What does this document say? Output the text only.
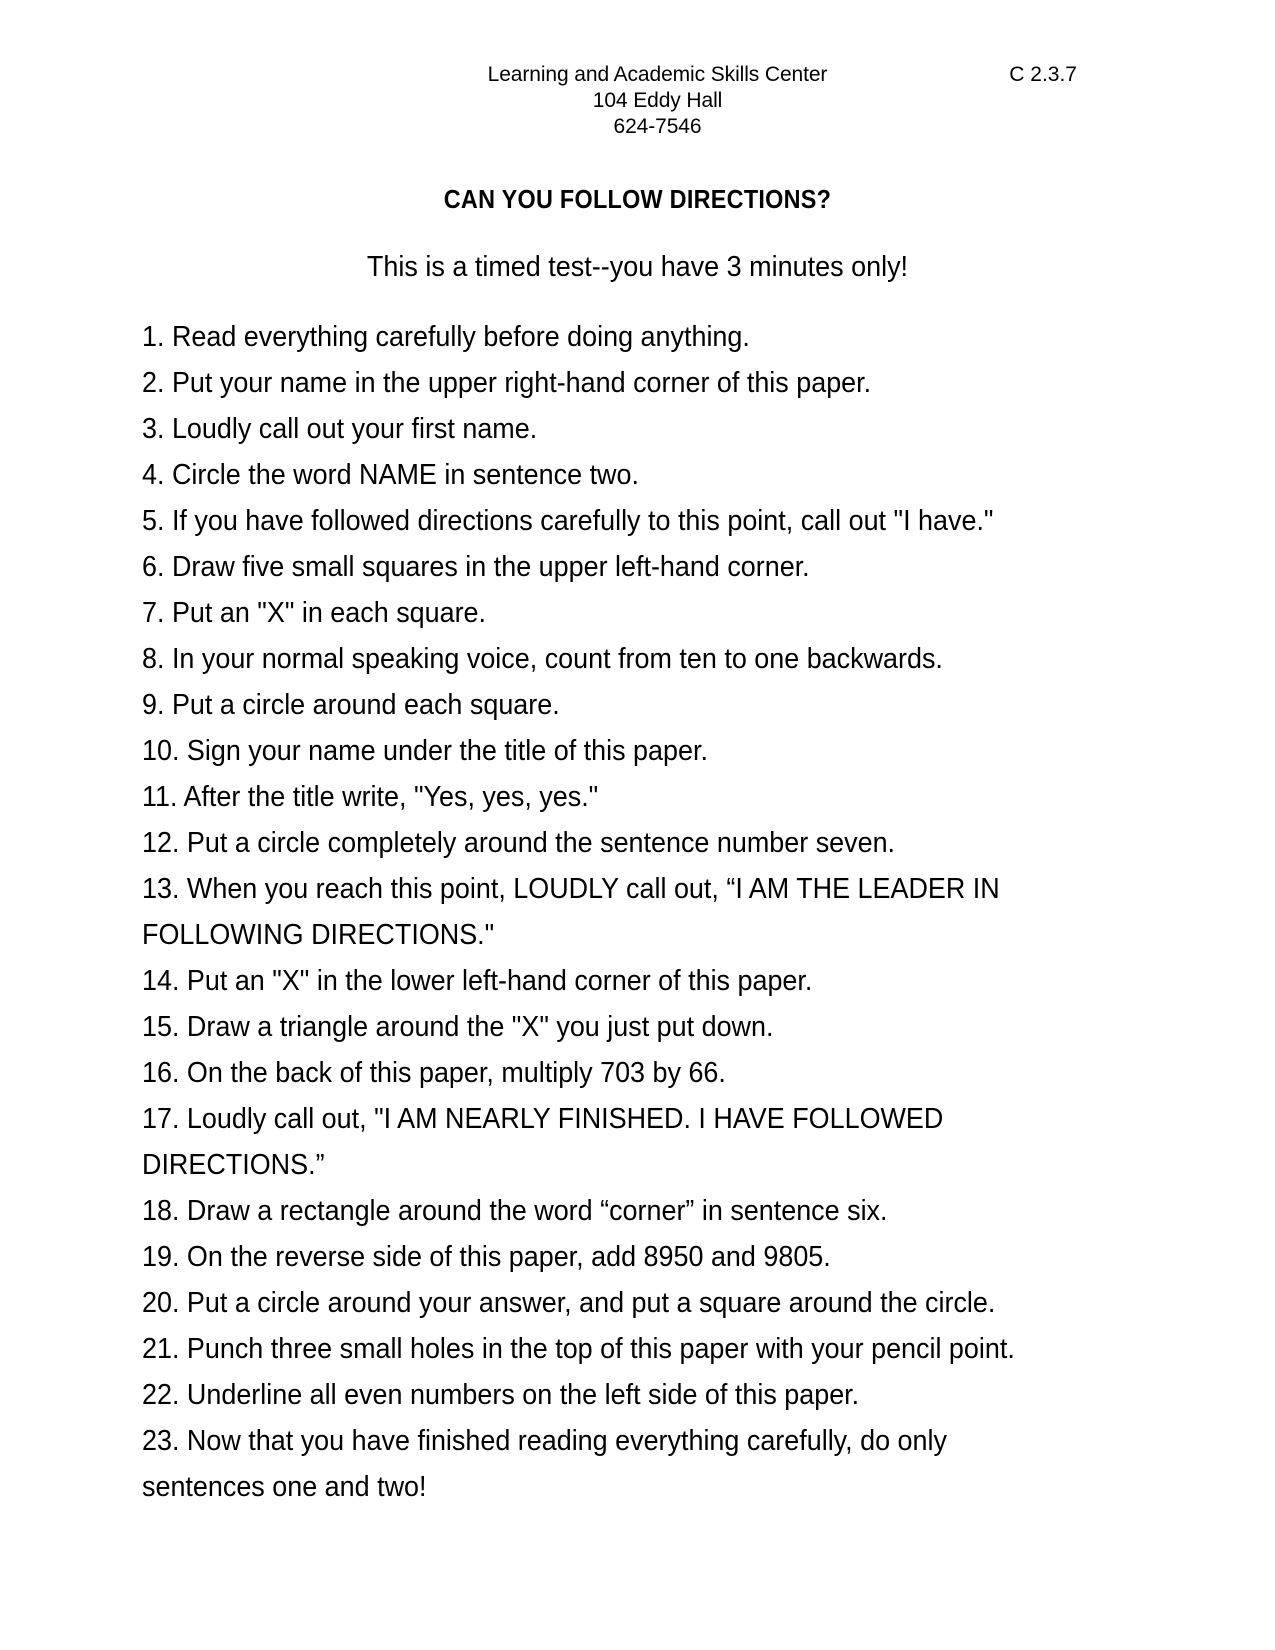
Learning and Academic Skills Center
104 Eddy Hall
624-7546
C 2.3.7
CAN YOU FOLLOW DIRECTIONS?
This is a timed test--you have 3 minutes only!
1. Read everything carefully before doing anything.
2. Put your name in the upper right-hand corner of this paper.
3. Loudly call out your first name.
4. Circle the word NAME in sentence two.
5. If you have followed directions carefully to this point, call out "I have."
6. Draw five small squares in the upper left-hand corner.
7. Put an "X" in each square.
8. In your normal speaking voice, count from ten to one backwards.
9. Put a circle around each square.
10. Sign your name under the title of this paper.
11. After the title write, "Yes, yes, yes."
12. Put a circle completely around the sentence number seven.
13. When you reach this point, LOUDLY call out, “I AM THE LEADER IN FOLLOWING DIRECTIONS."
14. Put an "X" in the lower left-hand corner of this paper.
15. Draw a triangle around the "X" you just put down.
16. On the back of this paper, multiply 703 by 66.
17. Loudly call out, "I AM NEARLY FINISHED. I HAVE FOLLOWED DIRECTIONS.”
18. Draw a rectangle around the word “corner” in sentence six.
19. On the reverse side of this paper, add 8950 and 9805.
20. Put a circle around your answer, and put a square around the circle.
21. Punch three small holes in the top of this paper with your pencil point.
22. Underline all even numbers on the left side of this paper.
23. Now that you have finished reading everything carefully, do only sentences one and two!
